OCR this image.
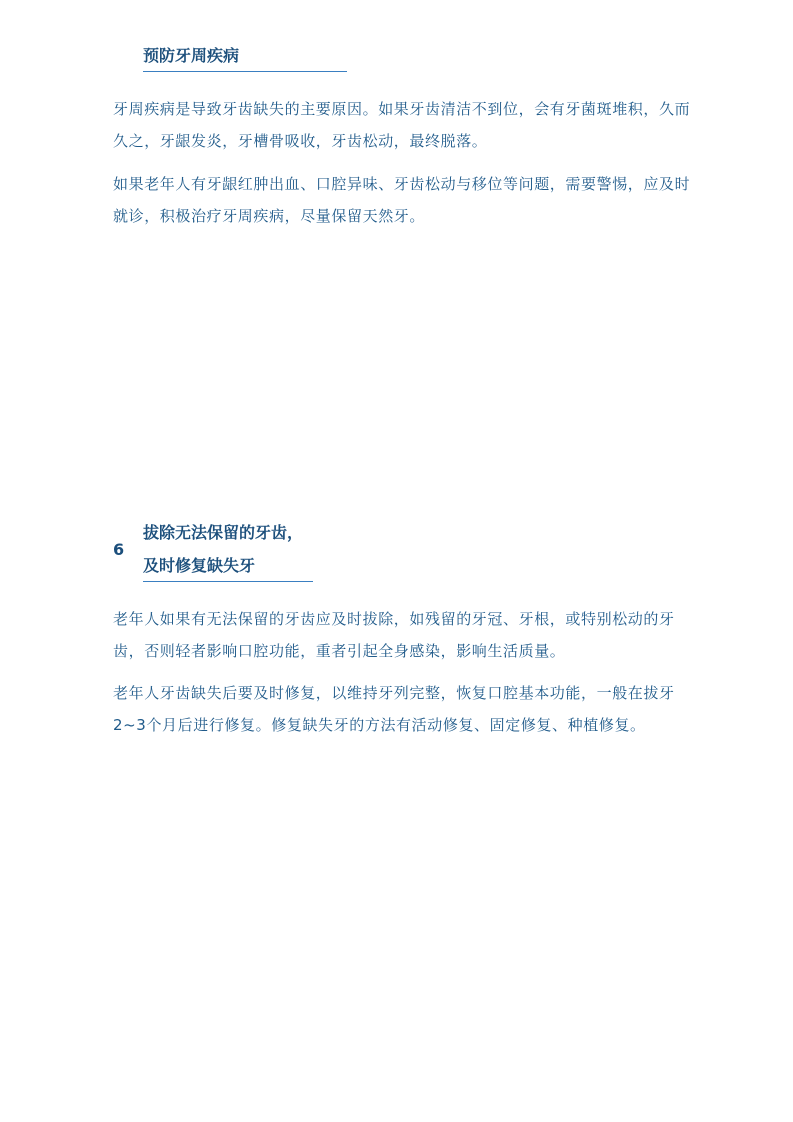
预防牙周疾病

牙周疾病是导致牙齿缺失的主要原因。如果牙齿清洁不到位，会有牙菌斑堆积，久而久之，牙龈发炎，牙槽骨吸收，牙齿松动，最终脱落。

如果老年人有牙龈红肿出血、口腔异味、牙齿松动与移位等问题，需要警惕，应及时就诊，积极治疗牙周疾病，尽量保留天然牙。

6
拔除无法保留的牙齿，
及时修复缺失牙

老年人如果有无法保留的牙齿应及时拔除，如残留的牙冠、牙根，或特别松动的牙齿，否则轻者影响口腔功能，重者引起全身感染，影响生活质量。

老年人牙齿缺失后要及时修复，以维持牙列完整，恢复口腔基本功能，一般在拔牙2~3个月后进行修复。修复缺失牙的方法有活动修复、固定修复、种植修复。
